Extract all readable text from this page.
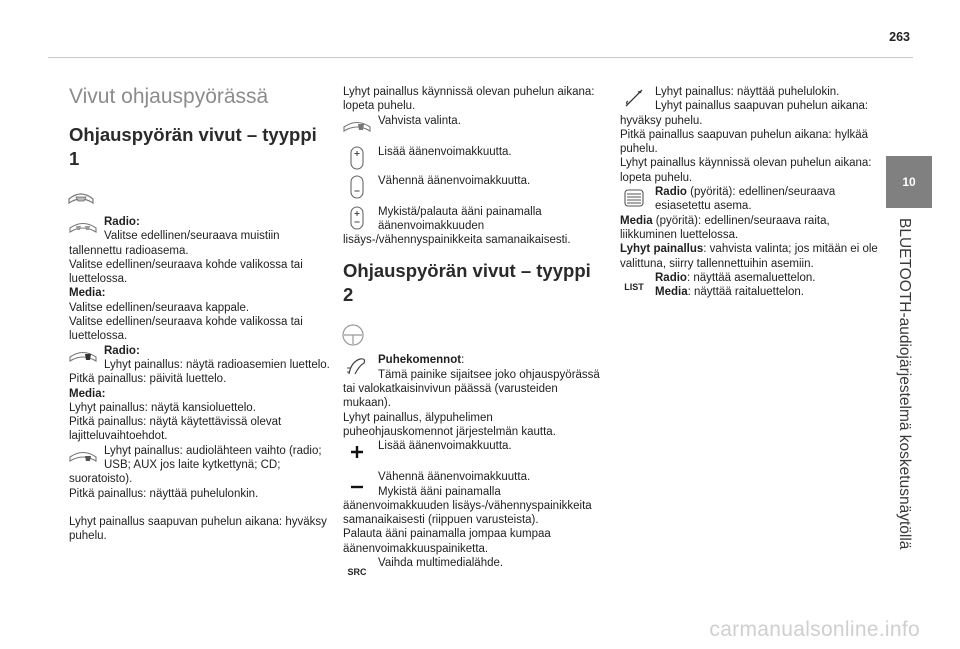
263
10
BLUETOOTH-audiojärjestelmä kosketusnäytöllä
Vivut ohjauspyörässä
Ohjauspyörän vivut – tyyppi
1

Radio:

Valitse edellinen/seuraava muistiin tallennettu radioasema.

Valitse edellinen/seuraava kohde valikossa tai luettelossa.

Media:

Valitse edellinen/seuraava kappale.

Valitse edellinen/seuraava kohde valikossa tai luettelossa.

Radio:

Lyhyt painallus: näytä radioasemien luettelo.

Pitkä painallus: päivitä luettelo.

Media:

Lyhyt painallus: näytä kansioluettelo.

Pitkä painallus: näytä käytettävissä olevat lajitteluvaihtoehdot.

Lyhyt painallus: audiolähteen vaihto (radio; USB; AUX jos laite kytkettynä; CD; suoratoisto).

Pitkä painallus: näyttää puhelulonkin.

Lyhyt painallus saapuvan puhelun aikana: hyväksy puhelu.

Lyhyt painallus käynnissä olevan puhelun aikana: lopeta puhelu.

Vahvista valinta.

Lisää äänenvoimakkuutta.

Vähennä äänenvoimakkuutta.

Mykistä/palauta ääni painamalla äänenvoimakkuuden lisäys-/vähennyspainikkeita samanaikaisesti.

Ohjauspyörän vivut – tyyppi
2

Puhekomennot:

Tämä painike sijaitsee joko ohjauspyörässä tai valokatkaisinvivun päässä (varusteiden mukaan).

Lyhyt painallus, älypuhelimen puheohjauskomennot järjestelmän kautta.

Lisää äänenvoimakkuutta.

Vähennä äänenvoimakkuutta.

Mykistä ääni painamalla äänenvoimakkuuden lisäys-/vähennyspainikkeita samanaikaisesti (riippuen varusteista).

Palauta ääni painamalla jompaa kumpaa äänenvoimakkuuspainiketta.

SRC

Vaihda multimedialähde.

Lyhyt painallus: näyttää puhelulokin.

Lyhyt painallus saapuvan puhelun aikana: hyväksy puhelu.

Pitkä painallus saapuvan puhelun aikana: hylkää puhelu.

Lyhyt painallus käynnissä olevan puhelun aikana: lopeta puhelu.

Radio (pyöritä): edellinen/seuraava esiasetettu asema.

Media (pyöritä): edellinen/seuraava raita, liikkuminen luettelossa.

Lyhyt painallus: vahvista valinta; jos mitään ei ole valittuna, siirry tallennettuihin asemiin.

LIST

Radio: näyttää asemaluettelon.

Media: näyttää raitaluettelon.

carmanualsonline.info
